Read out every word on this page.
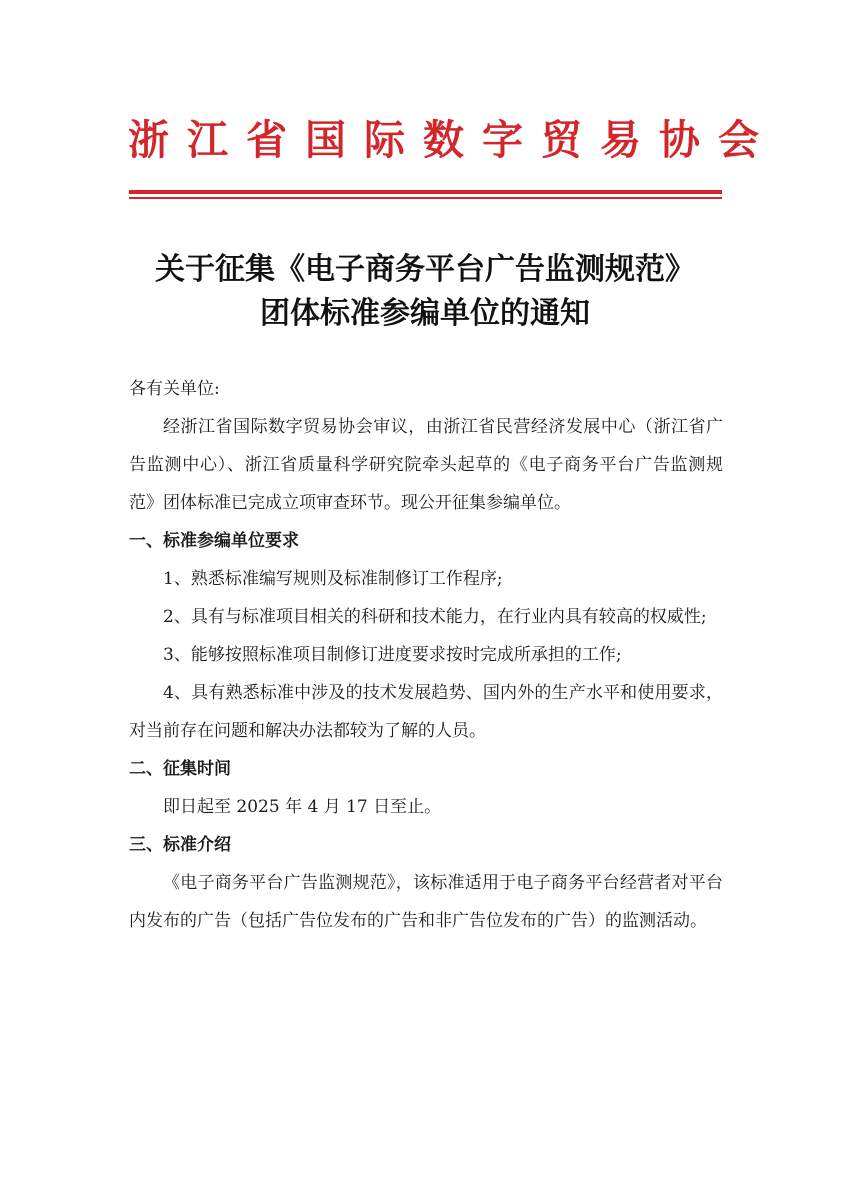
浙江省国际数字贸易协会
关于征集《电子商务平台广告监测规范》
团体标准参编单位的通知

各有关单位:

经浙江省国际数字贸易协会审议，由浙江省民营经济发展中心（浙江省广告监测中心）、浙江省质量科学研究院牵头起草的《电子商务平台广告监测规范》团体标准已完成立项审查环节。现公开征集参编单位。

一、标准参编单位要求

1、熟悉标准编写规则及标准制修订工作程序;

2、具有与标准项目相关的科研和技术能力，在行业内具有较高的权威性;

3、能够按照标准项目制修订进度要求按时完成所承担的工作;

4、具有熟悉标准中涉及的技术发展趋势、国内外的生产水平和使用要求，对当前存在问题和解决办法都较为了解的人员。

二、征集时间

即日起至 2025 年 4 月 17 日至止。

三、标准介绍

《电子商务平台广告监测规范》，该标准适用于电子商务平台经营者对平台内发布的广告（包括广告位发布的广告和非广告位发布的广告）的监测活动。
